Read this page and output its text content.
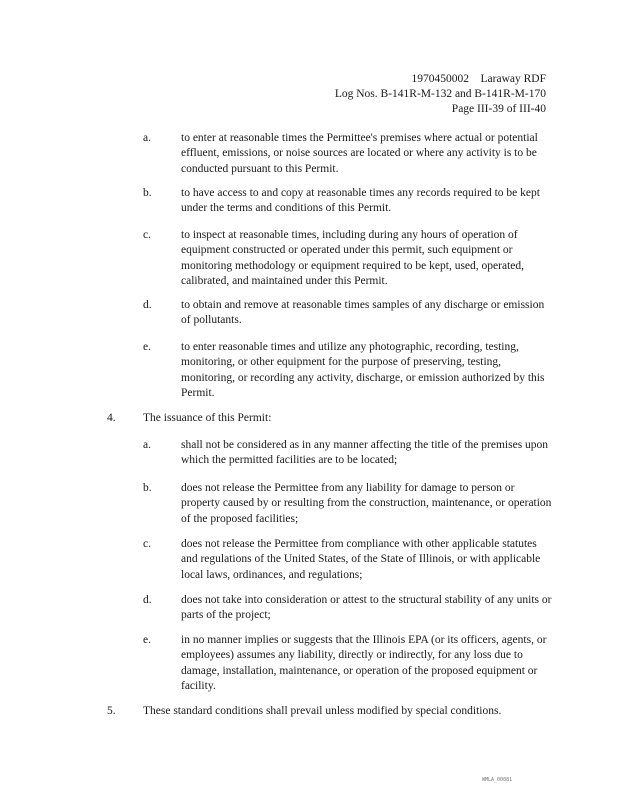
1970450002    Laraway RDF
Log Nos. B-141R-M-132 and B-141R-M-170
Page III-39 of III-40
a.	to enter at reasonable times the Permittee's premises where actual or potential effluent, emissions, or noise sources are located or where any activity is to be conducted pursuant to this Permit.
b.	to have access to and copy at reasonable times any records required to be kept under the terms and conditions of this Permit.
c.	to inspect at reasonable times, including during any hours of operation of equipment constructed or operated under this permit, such equipment or monitoring methodology or equipment required to be kept, used, operated, calibrated, and maintained under this Permit.
d.	to obtain and remove at reasonable times samples of any discharge or emission of pollutants.
e.	to enter reasonable times and utilize any photographic, recording, testing, monitoring, or other equipment for the purpose of preserving, testing, monitoring, or recording any activity, discharge, or emission authorized by this Permit.
4. The issuance of this Permit:
a.	shall not be considered as in any manner affecting the title of the premises upon which the permitted facilities are to be located;
b.	does not release the Permittee from any liability for damage to person or property caused by or resulting from the construction, maintenance, or operation of the proposed facilities;
c.	does not release the Permittee from compliance with other applicable statutes and regulations of the United States, of the State of Illinois, or with applicable local laws, ordinances, and regulations;
d.	does not take into consideration or attest to the structural stability of any units or parts of the project;
e.	in no manner implies or suggests that the Illinois EPA (or its officers, agents, or employees) assumes any liability, directly or indirectly, for any loss due to damage, installation, maintenance, or operation of the proposed equipment or facility.
5. These standard conditions shall prevail unless modified by special conditions.
WMLA_00081
